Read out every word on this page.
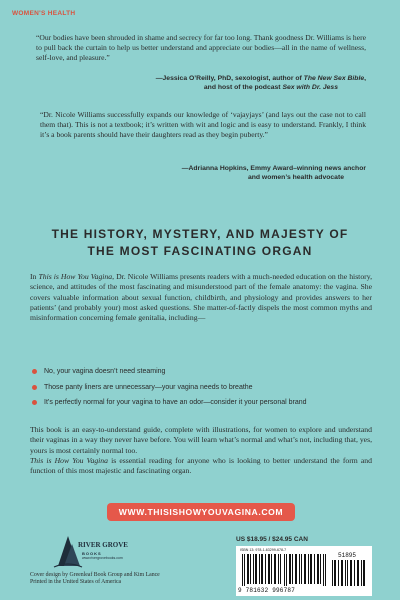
WOMEN'S HEALTH
“Our bodies have been shrouded in shame and secrecy for far too long. Thank goodness Dr. Williams is here to pull back the curtain to help us better understand and appreciate our bodies—all in the name of wellness, self-love, and pleasure.”
—Jessica O’Reilly, PhD, sexologist, author of The New Sex Bible,
and host of the podcast Sex with Dr. Jess
“Dr. Nicole Williams successfully expands our knowledge of ‘vajayjays’ (and lays out the case not to call them that). This is not a textbook; it’s written with wit and logic and is easy to understand. Frankly, I think it’s a book parents should have their daughters read as they begin puberty.”
—Adrianna Hopkins, Emmy Award–winning news anchor
and women’s health advocate
THE HISTORY, MYSTERY, AND MAJESTY OF
THE MOST FASCINATING ORGAN
In This is How You Vagina, Dr. Nicole Williams presents readers with a much-needed education on the history, science, and attitudes of the most fascinating and misunderstood part of the female anatomy: the vagina. She covers valuable information about sexual function, childbirth, and physiology and provides answers to her patients’ (and probably your) most asked questions. She matter-of-factly dispels the most common myths and misinformation concerning female genitalia, including—
No, your vagina doesn’t need steaming
Those panty liners are unnecessary—your vagina needs to breathe
It’s perfectly normal for your vagina to have an odor—consider it your personal brand
This book is an easy-to-understand guide, complete with illustrations, for women to explore and understand their vaginas in a way they never have before. You will learn what’s normal and what’s not, including that, yes, yours is most certainly normal too.
This is How You Vagina is essential reading for anyone who is looking to better understand the form and function of this most majestic and fascinating organ.
WWW.THISISHOWYOUVAGINA.COM
RIVER GROVE
BOOKS
www.rivergrovebooks.com
Cover design by Greenleaf Book Group and Kim Lance
Printed in the United States of America
US $18.95 / $24.95 CAN
ISBN 13: 978-1-63299-678-7
51895
9 781632 996787
